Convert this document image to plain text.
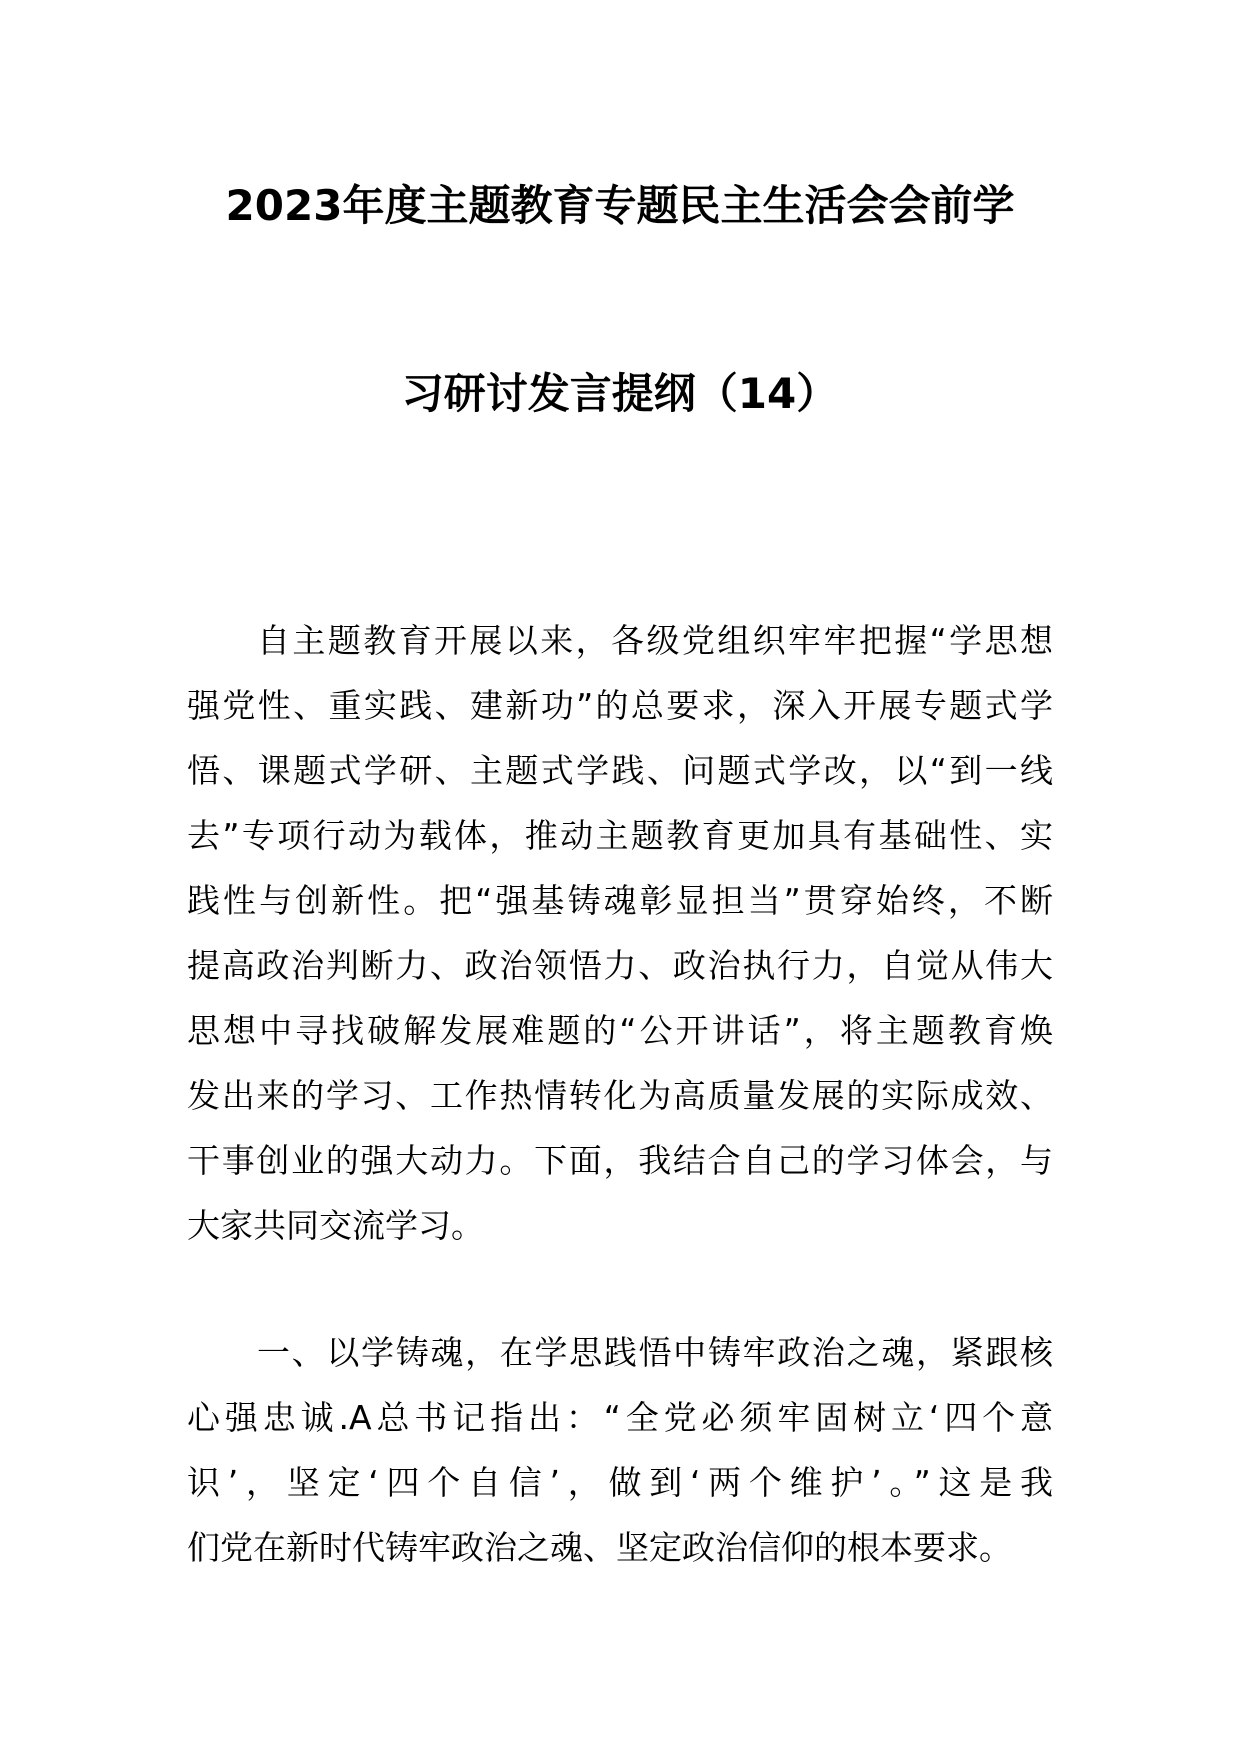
2023年度主题教育专题民主生活会会前学
习研讨发言提纲（14）
自主题教育开展以来，各级党组织牢牢把握“学思想
强党性、重实践、建新功”的总要求，深入开展专题式学
悟、课题式学研、主题式学践、问题式学改，以“到一线
去”专项行动为载体，推动主题教育更加具有基础性、实
践性与创新性。把“强基铸魂彰显担当”贯穿始终，不断
提高政治判断力、政治领悟力、政治执行力，自觉从伟大
思想中寻找破解发展难题的“公开讲话”，将主题教育焕
发出来的学习、工作热情转化为高质量发展的实际成效、
干事创业的强大动力。下面，我结合自己的学习体会，与
大家共同交流学习。
一、以学铸魂，在学思践悟中铸牢政治之魂，紧跟核
心强忠诚.A总书记指出：“全党必须牢固树立‘四个意
识’，坚定‘四个自信’，做到‘两个维护’。”这是我
们党在新时代铸牢政治之魂、坚定政治信仰的根本要求。
